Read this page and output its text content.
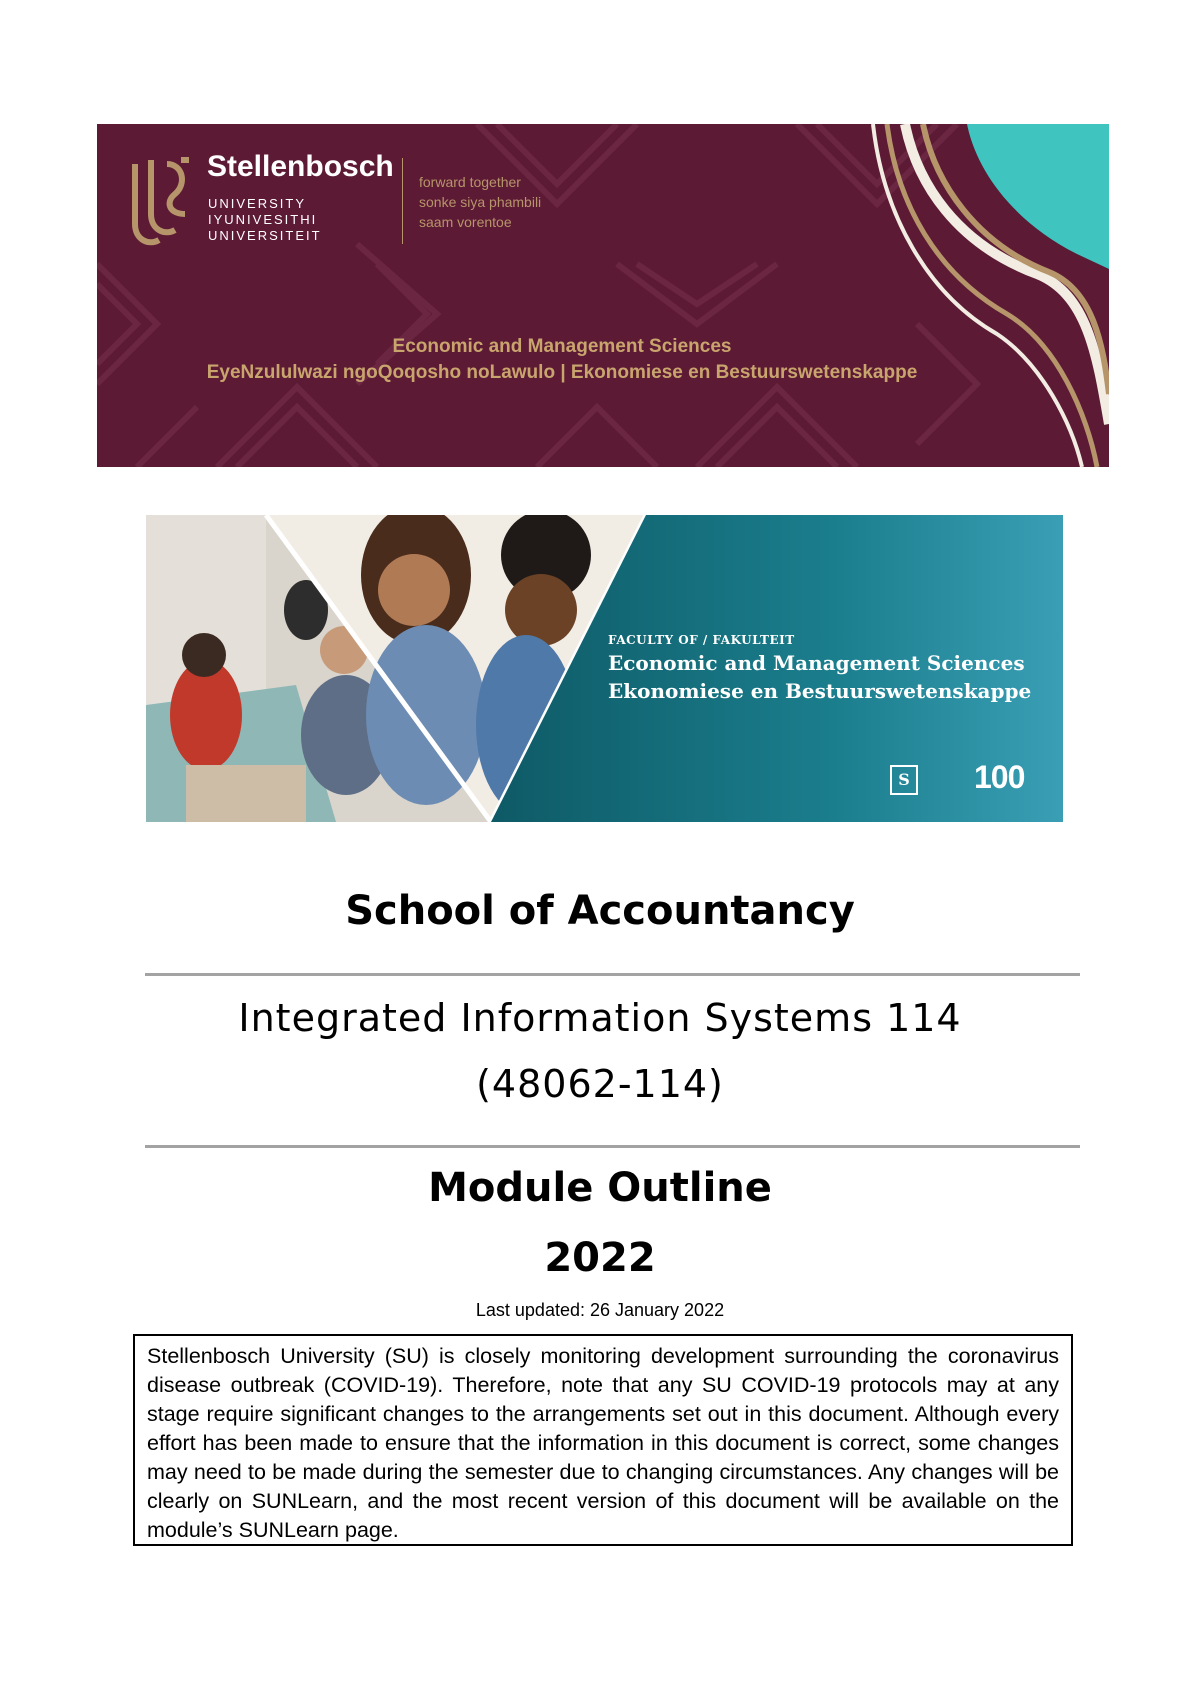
Stellenbosch
UNIVERSITY
IYUNIVESITHI
UNIVERSITEIT
forward together
sonke siya phambili
saam vorentoe
Economic and Management Sciences
EyeNzululwazi ngoQoqosho noLawulo | Ekonomiese en Bestuurswetenskappe
FACULTY OF / FAKULTEIT
Economic and Management Sciences
Ekonomiese en Bestuurswetenskappe
S 100
School of Accountancy
Integrated Information Systems 114
(48062-114)
Module Outline
2022
Last updated: 26 January 2022
Stellenbosch University (SU) is closely monitoring development surrounding the coronavirus disease outbreak (COVID-19). Therefore, note that any SU COVID-19 protocols may at any stage require significant changes to the arrangements set out in this document. Although every effort has been made to ensure that the information in this document is correct, some changes may need to be made during the semester due to changing circumstances. Any changes will be clearly on SUNLearn, and the most recent version of this document will be available on the module’s SUNLearn page.
